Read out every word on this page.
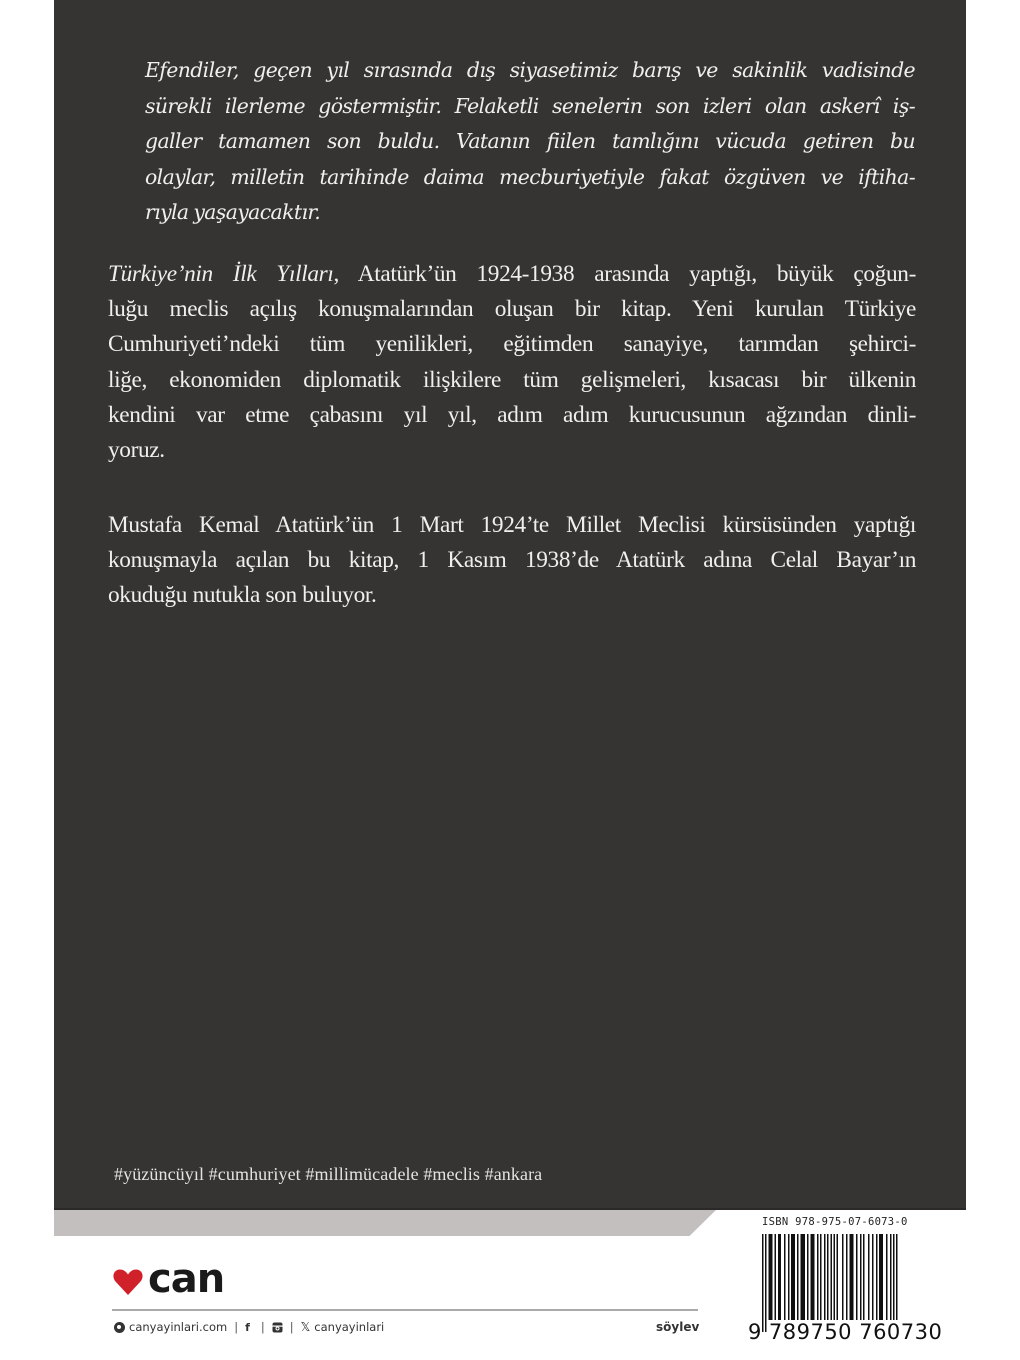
Efendiler, geçen yıl sırasında dış siyasetimiz barış ve sakinlik vadisinde
sürekli ilerleme göstermiştir. Felaketli senelerin son izleri olan askerî iş-
galler tamamen son buldu. Vatanın fiilen tamlığını vücuda getiren bu
olaylar, milletin tarihinde daima mecburiyetiyle fakat özgüven ve iftiha-
rıyla yaşayacaktır.
Türkiye’nin İlk Yılları, Atatürk’ün 1924-1938 arasında yaptığı, büyük çoğun-
luğu meclis açılış konuşmalarından oluşan bir kitap. Yeni kurulan Türkiye
Cumhuriyeti’ndeki tüm yenilikleri, eğitimden sanayiye, tarımdan şehirci-
liğe, ekonomiden diplomatik ilişkilere tüm gelişmeleri, kısacası bir ülkenin
kendini var etme çabasını yıl yıl, adım adım kurucusunun ağzından dinli-
yoruz.
Mustafa Kemal Atatürk’ün 1 Mart 1924’te Millet Meclisi kürsüsünden yaptığı
konuşmayla açılan bu kitap, 1 Kasım 1938’de Atatürk adına Celal Bayar’ın
okuduğu nutukla son buluyor.
#yüzüncüyıl #cumhuriyet #millimücadele #meclis #ankara
can
canyayinlari.com | f | | 𝕏 canyayinlari	söylev
ISBN 978-975-07-6073-0
9 789750 760730
